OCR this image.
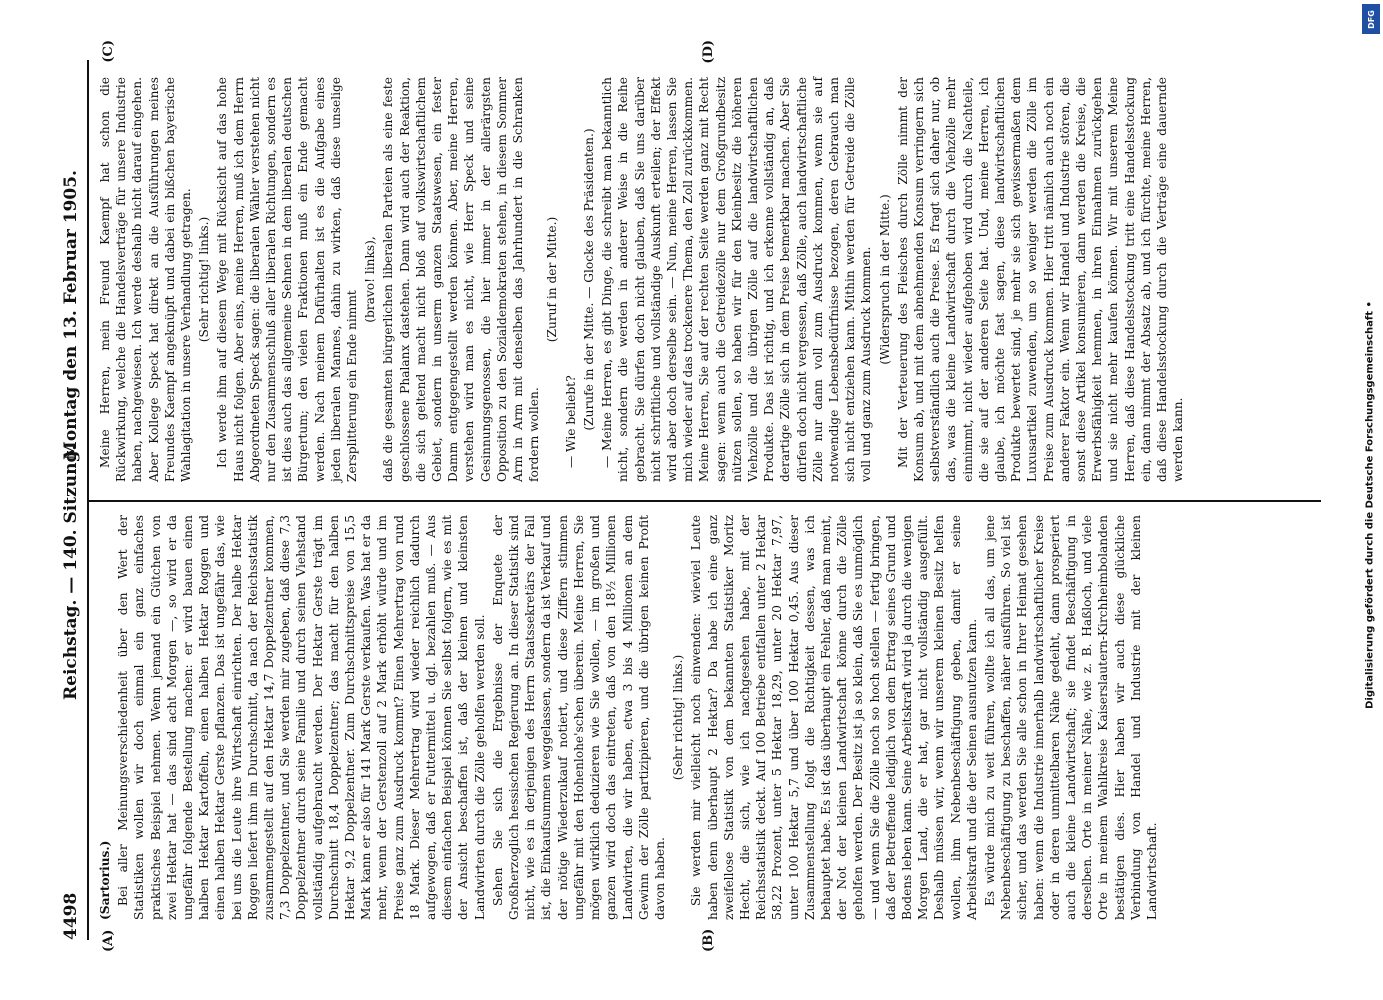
4498
Reichstag. — 140. Sitzung.
Montag den 13. Februar 1905.
(A)	(B)
(C)	(D)

(Sartorius.) Bei aller Meinungsverschiedenheit über den Wert der Statistiken wollen wir doch einmal ein ganz einfaches praktisches Beispiel nehmen. Wenn jemand ein Gütchen von zwei Hektar hat — das sind acht Morgen —, so wird er da ungefähr folgende Bestellung machen: er wird bauen einen halben Hektar Kartoffeln, einen halben Hektar Roggen und einen halben Hektar Gerste pflanzen. Das ist ungefähr das, wie bei uns die Leute ihre Wirtschaft einrichten. Der halbe Hektar Roggen liefert ihm im Durchschnitt, da nach der Reichsstatistik zusammengestellt auf den Hektar 14,7 Doppelzentner kommen, 7,3 Doppelzentner, und Sie werden mir zugeben, daß diese 7,3 Doppelzentner durch seine Familie und durch seinen Viehstand vollständig aufgebraucht werden. Der Hektar Gerste trägt im Durchschnitt 18,4 Doppelzentner; das macht für den halben Hektar 9,2 Doppelzentner. Zum Durchschnittspreise von 15,5 Mark kann er also für 141 Mark Gerste verkaufen. Was hat er da mehr, wenn der Gerstenzoll auf 2 Mark erhöht würde und im Preise ganz zum Ausdruck kommt? Einen Mehrertrag von rund 18 Mark. Dieser Mehrertrag wird wieder reichlich dadurch aufgewogen, daß er Futtermittel u. dgl. bezahlen muß. — Aus diesem einfachen Beispiel können Sie selbst folgern, wie es mit der Ansicht beschaffen ist, daß der kleinen und kleinsten Landwirten durch die Zölle geholfen werden soll. Sehen Sie sich die Ergebnisse der Enquete der Großherzoglich hessischen Regierung an. In dieser Statistik sind nicht, wie es in derjenigen des Herrn Staatssekretärs der Fall ist, die Einkaufsummen weggelassen, sondern da ist Verkauf und der nötige Wiederzukauf notiert, und diese Ziffern stimmen ungefähr mit den Hohenlohe'schen überein. Meine Herren, Sie mögen wirklich deduzieren wie Sie wollen, — im großen und ganzen wird doch das eintreten, daß von den 18½ Millionen Landwirten, die wir haben, etwa 3 bis 4 Millionen an dem Gewinn der Zölle partizipieren, und die übrigen keinen Profit davon haben.

(Sehr richtig! links.) Sie werden mir vielleicht noch einwenden: wieviel Leute haben denn überhaupt 2 Hektar? Da habe ich eine ganz zweifellose Statistik von dem bekannten Statistiker Moritz Hecht, die sich, wie ich nachgesehen habe, mit der Reichsstatistik deckt. Auf 100 Betriebe entfallen unter 2 Hektar 58,22 Prozent, unter 5 Hektar 18,29, unter 20 Hektar 7,97, unter 100 Hektar 5,7 und über 100 Hektar 0,45. Aus dieser Zusammenstellung folgt die Richtigkeit dessen, was ich behauptet habe. Es ist das überhaupt ein Fehler, daß man meint, der Not der kleinen Landwirtschaft könne durch die Zölle geholfen werden. Der Besitz ist ja so klein, daß Sie es unmöglich — und wenn Sie die Zölle noch so hoch stellen — fertig bringen, daß der Betreffende lediglich von dem Ertrag seines Grund und Bodens leben kann. Seine Arbeitskraft wird ja durch die wenigen Morgen Land, die er hat, gar nicht vollständig ausgefüllt. Deshalb müssen wir, wenn wir unserem kleinen Besitz helfen wollen, ihm Nebenbeschäftigung geben, damit er seine Arbeitskraft und die der Seinen ausnutzen kann. Es würde mich zu weit führen, wollte ich all das, um jene Nebenbeschäftigung zu beschaffen, näher ausführen. So viel ist sicher, und das werden Sie alle schon in Ihrer Heimat gesehen haben: wenn die Industrie innerhalb landwirtschaftlicher Kreise oder in deren unmittelbaren Nähe gedeiht, dann prosperiert auch die kleine Landwirtschaft; sie findet Beschäftigung in derselben. Orte in meiner Nähe, wie z. B. Haßloch, und viele Orte in meinem Wahlkreise Kaiserslautern-Kirchheimbolanden bestätigen dies. Hier haben wir auch diese glückliche Verbindung von Handel und Industrie mit der kleinen Landwirtschaft.

Meine Herren, mein Freund Kaempf hat schon die Rückwirkung, welche die Handelsverträge für unsere Industrie haben, nachgewiesen. Ich werde deshalb nicht darauf eingehen. Aber Kollege Speck hat direkt an die Ausführungen meines Freundes Kaempf angeknüpft und dabei ein bißchen bayerische Wahlagitation in unsere Verhandlung getragen. (Sehr richtig! links.) Ich werde ihm auf diesem Wege mit Rücksicht auf das hohe Haus nicht folgen. Aber eins, meine Herren, muß ich dem Herrn Abgeordneten Speck sagen: die liberalen Wähler verstehen nicht nur den Zusammenschluß aller liberalen Richtungen, sondern es ist dies auch das allgemeine Sehnen in dem liberalen deutschen Bürgertum; den vielen Fraktionen muß ein Ende gemacht werden. Nach meinem Dafürhalten ist es die Aufgabe eines jeden liberalen Mannes, dahin zu wirken, daß diese unselige Zersplitterung ein Ende nimmt

(bravo! links), daß die gesamten bürgerlichen liberalen Parteien als eine feste geschlossene Phalanx dastehen. Dann wird auch der Reaktion, die sich geltend macht nicht bloß auf volkswirtschaftlichem Gebiet, sondern in unserm ganzen Staatswesen, ein fester Damm entgegengestellt werden können. Aber, meine Herren, verstehen wird man es nicht, wie Herr Speck und seine Gesinnungsgenossen, die hier immer in der allerärgsten Opposition zu den Sozialdemokraten stehen, in diesem Sommer Arm in Arm mit denselben das Jahrhundert in die Schranken fordern wollen.

(Zuruf in der Mitte.)

— Wie beliebt? (Zurufe in der Mitte. — Glocke des Präsidenten.) — Meine Herren, es gibt Dinge, die schreibt man bekanntlich nicht, sondern die werden in anderer Weise in die Reihe gebracht. Sie dürfen doch nicht glauben, daß Sie uns darüber nicht schriftliche und vollständige Auskunft erteilen; der Effekt wird aber doch derselbe sein. — Nun, meine Herren, lassen Sie mich wieder auf das trockenere Thema, den Zoll zurückkommen. Meine Herren, Sie auf der rechten Seite werden ganz mit Recht sagen: wenn auch die Getreidezölle nur dem Großgrundbesitz nützen sollen, so haben wir für den Kleinbesitz die höheren Viehzölle und die übrigen Zölle auf die landwirtschaftlichen Produkte. Das ist richtig, und ich erkenne vollständig an, daß derartige Zölle sich in dem Preise bemerkbar machen. Aber Sie dürfen doch nicht vergessen, daß Zölle, auch landwirtschaftliche Zölle nur dann voll zum Ausdruck kommen, wenn sie auf notwendige Lebensbedürfnisse bezogen, deren Gebrauch man sich nicht entziehen kann. Mithin werden für Getreide die Zölle voll und ganz zum Ausdruck kommen. (Widerspruch in der Mitte.) Mit der Verteuerung des Fleisches durch Zölle nimmt der Konsum ab, und mit dem abnehmenden Konsum verringern sich selbstverständlich auch die Preise. Es fragt sich daher nur, ob das, was die kleine Landwirtschaft durch die Viehzölle mehr einnimmt, nicht wieder aufgehoben wird durch die Nachteile, die sie auf der anderen Seite hat. Und, meine Herren, ich glaube, ich möchte fast sagen, diese landwirtschaftlichen Produkte bewertet sind, je mehr sie sich gewissermaßen dem Luxusartikel zuwenden, um so weniger werden die Zölle im Preise zum Ausdruck kommen. Hier tritt nämlich auch noch ein anderer Faktor ein. Wenn wir Handel und Industrie stören, die sonst diese Artikel konsumieren, dann werden die Kreise, die Erwerbsfähigkeit hemmen, in ihren Einnahmen zurückgehen und sie nicht mehr kaufen können. Wir mit unserem Meine Herren, daß diese Handelsstockung tritt eine Handelsstockung ein, dann nimmt der Absatz ab, und ich fürchte, meine Herren, daß diese Handelsstockung durch die Verträge eine dauernde werden kann.

DFG
Digitalisierung gefördert durch die Deutsche Forschungsgemeinschaft •
